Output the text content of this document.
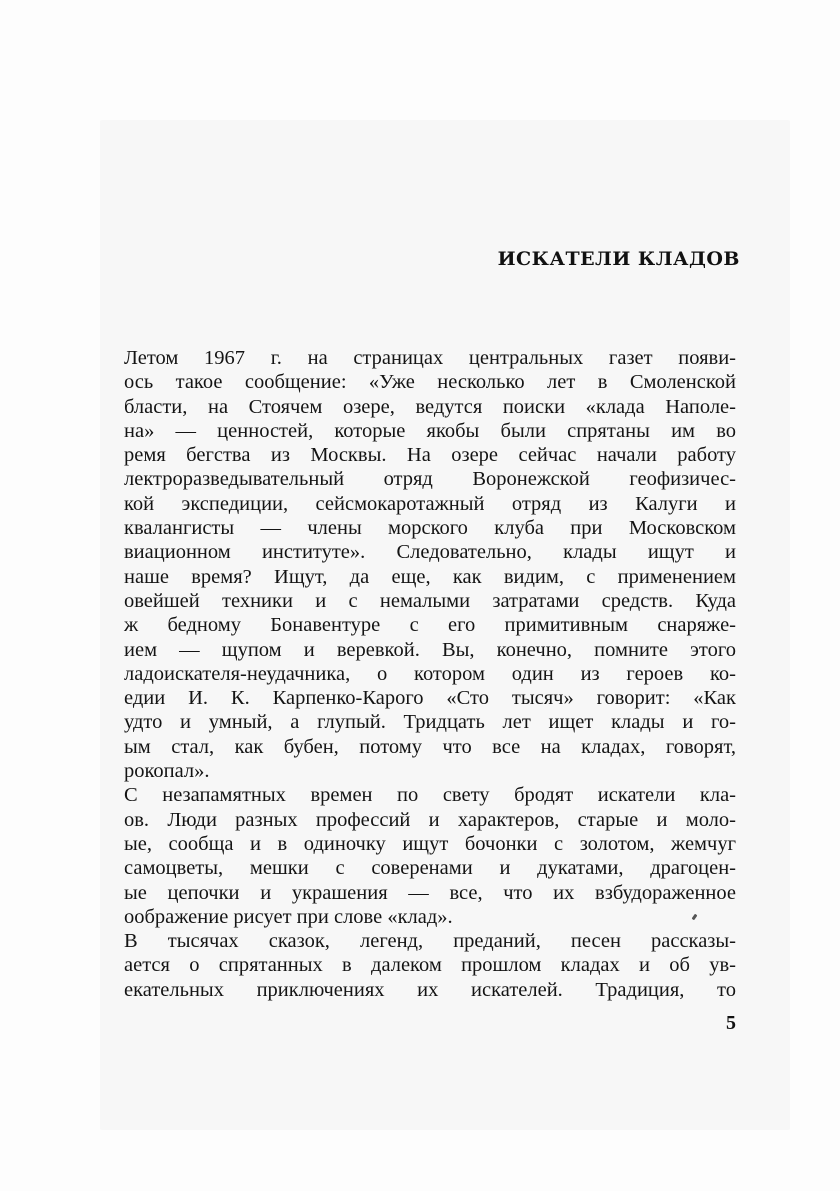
ИСКАТЕЛИ КЛАДОВ
Летом 1967 г. на страницах центральных газет появи-
ось такое сообщение: «Уже несколько лет в Смоленской
бласти, на Стоячем озере, ведутся поиски «клада Наполе-
на» — ценностей, которые якобы были спрятаны им во
ремя бегства из Москвы. На озере сейчас начали работу
лектроразведывательный отряд Воронежской геофизичес-
кой экспедиции, сейсмокаротажный отряд из Калуги и
квалангисты — члены морского клуба при Московском
виационном институте». Следовательно, клады ищут и
наше время? Ищут, да еще, как видим, с применением
овейшей техники и с немалыми затратами средств. Куда
ж бедному Бонавентуре с его примитивным снаряже-
ием — щупом и веревкой. Вы, конечно, помните этого
ладоискателя-неудачника, о котором один из героев ко-
едии И. К. Карпенко-Карого «Сто тысяч» говорит: «Как
удто и умный, а глупый. Тридцать лет ищет клады и го-
ым стал, как бубен, потому что все на кладах, говорят,
рокопал».
С незапамятных времен по свету бродят искатели кла-
ов. Люди разных профессий и характеров, старые и моло-
ые, сообща и в одиночку ищут бочонки с золотом, жемчуг
самоцветы, мешки с соверенами и дукатами, драгоцен-
ые цепочки и украшения — все, что их взбудораженное
оображение рисует при слове «клад».
В тысячах сказок, легенд, преданий, песен рассказы-
ается о спрятанных в далеком прошлом кладах и об ув-
екательных приключениях их искателей. Традиция, то
5
